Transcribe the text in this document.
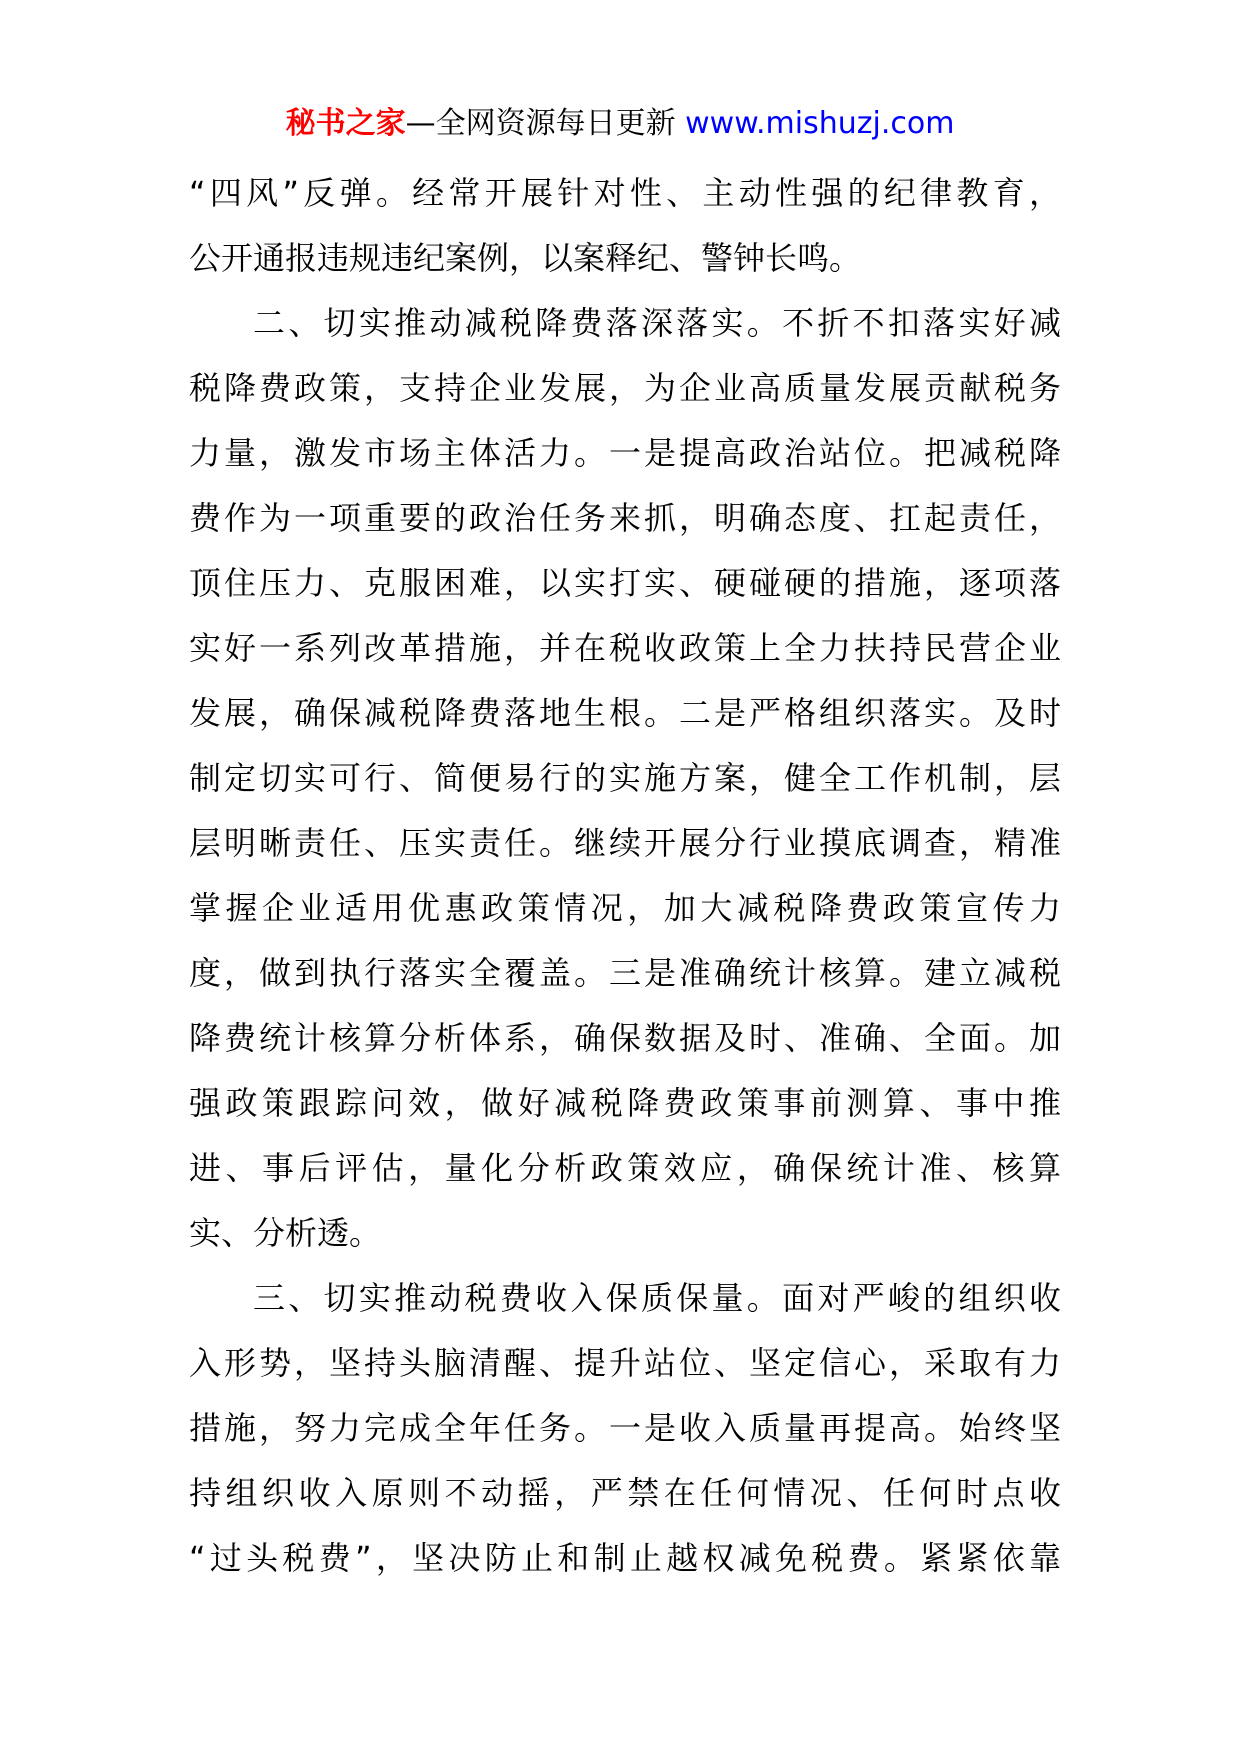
秘书之家—全网资源每日更新 www.mishuzj.com
“四风”反弹。经常开展针对性、主动性强的纪律教育，
公开通报违规违纪案例，以案释纪、警钟长鸣。
二、切实推动减税降费落深落实。不折不扣落实好减
税降费政策，支持企业发展，为企业高质量发展贡献税务
力量，激发市场主体活力。一是提高政治站位。把减税降
费作为一项重要的政治任务来抓，明确态度、扛起责任，
顶住压力、克服困难，以实打实、硬碰硬的措施，逐项落
实好一系列改革措施，并在税收政策上全力扶持民营企业
发展，确保减税降费落地生根。二是严格组织落实。及时
制定切实可行、简便易行的实施方案，健全工作机制，层
层明晰责任、压实责任。继续开展分行业摸底调查，精准
掌握企业适用优惠政策情况，加大减税降费政策宣传力
度，做到执行落实全覆盖。三是准确统计核算。建立减税
降费统计核算分析体系，确保数据及时、准确、全面。加
强政策跟踪问效，做好减税降费政策事前测算、事中推
进、事后评估，量化分析政策效应，确保统计准、核算
实、分析透。
三、切实推动税费收入保质保量。面对严峻的组织收
入形势，坚持头脑清醒、提升站位、坚定信心，采取有力
措施，努力完成全年任务。一是收入质量再提高。始终坚
持组织收入原则不动摇，严禁在任何情况、任何时点收
“过头税费”，坚决防止和制止越权减免税费。紧紧依靠
